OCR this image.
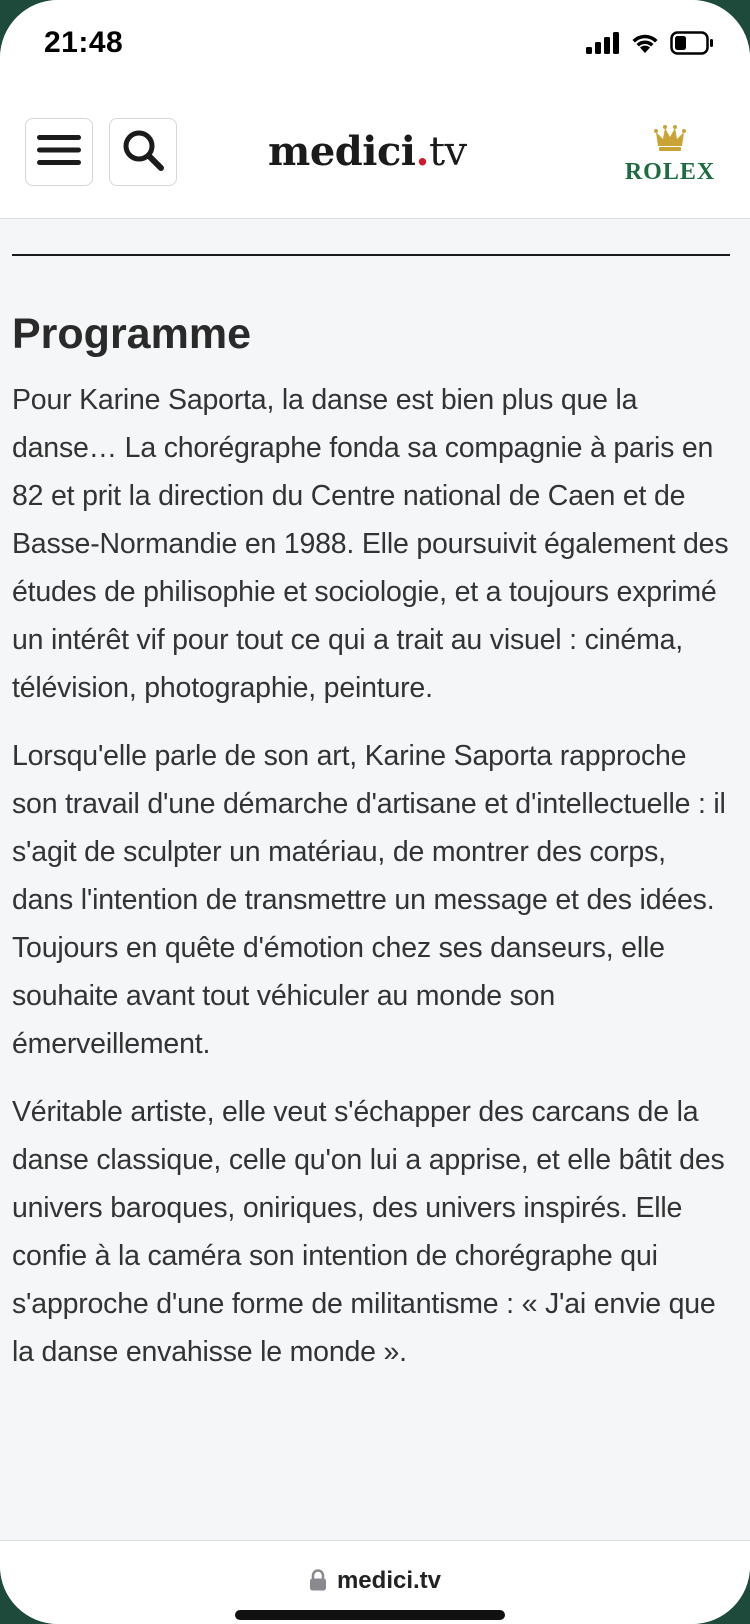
21:48
medici.tv	ROLEX
Programme

Pour Karine Saporta, la danse est bien plus que la danse… La chorégraphe fonda sa compagnie à paris en 82 et prit la direction du Centre national de Caen et de Basse-Normandie en 1988. Elle poursuivit également des études de philisophie et sociologie, et a toujours exprimé un intérêt vif pour tout ce qui a trait au visuel : cinéma, télévision, photographie, peinture.

Lorsqu'elle parle de son art, Karine Saporta rapproche son travail d'une démarche d'artisane et d'intellectuelle : il s'agit de sculpter un matériau, de montrer des corps, dans l'intention de transmettre un message et des idées. Toujours en quête d'émotion chez ses danseurs, elle souhaite avant tout véhiculer au monde son émerveillement.

Véritable artiste, elle veut s'échapper des carcans de la danse classique, celle qu'on lui a apprise, et elle bâtit des univers baroques, oniriques, des univers inspirés. Elle confie à la caméra son intention de chorégraphe qui s'approche d'une forme de militantisme : « J'ai envie que la danse envahisse le monde ».

medici.tv
